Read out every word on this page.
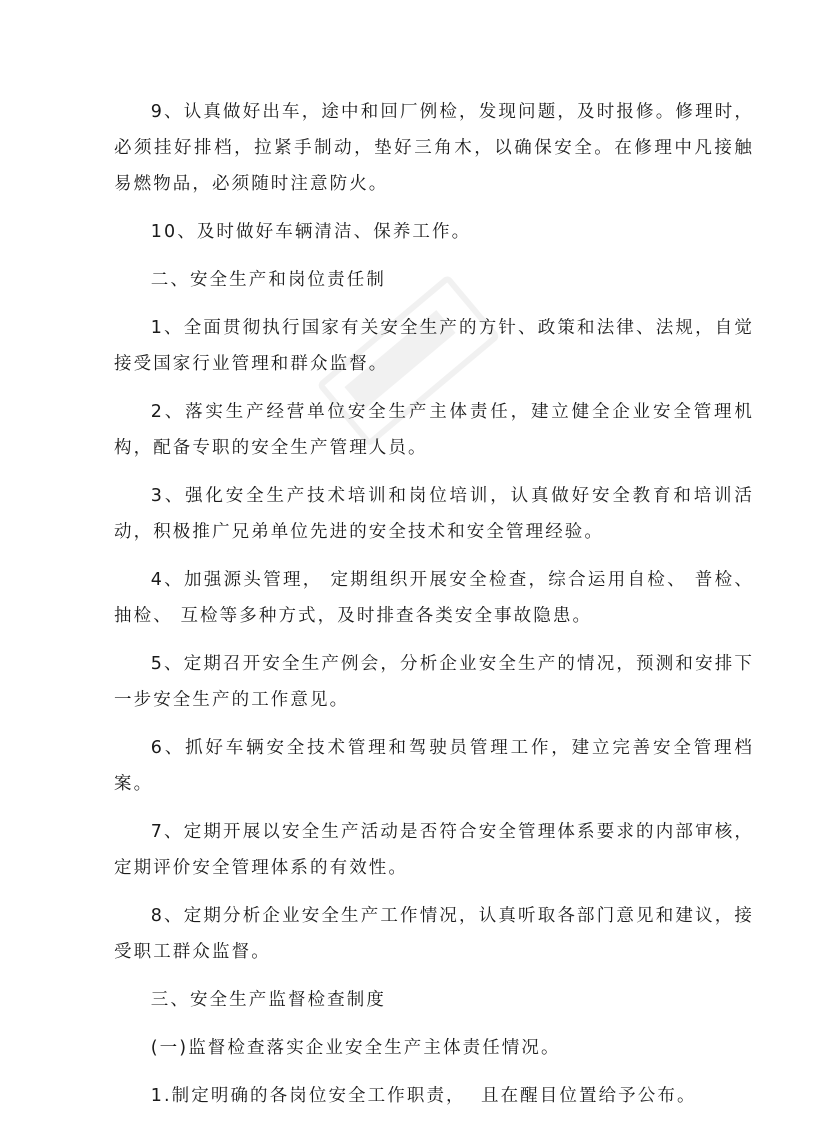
9、认真做好出车，途中和回厂例检，发现问题，及时报修。修理时，必须挂好排档，拉紧手制动，垫好三角木，以确保安全。在修理中凡接触易燃物品，必须随时注意防火。

10、及时做好车辆清洁、保养工作。

二、安全生产和岗位责任制

1、全面贯彻执行国家有关安全生产的方针、政策和法律、法规，自觉接受国家行业管理和群众监督。

2、落实生产经营单位安全生产主体责任，建立健全企业安全管理机构，配备专职的安全生产管理人员。

3、强化安全生产技术培训和岗位培训，认真做好安全教育和培训活动，积极推广兄弟单位先进的安全技术和安全管理经验。

4、加强源头管理， 定期组织开展安全检查，综合运用自检、 普检、 抽检、 互检等多种方式，及时排查各类安全事故隐患。

5、定期召开安全生产例会，分析企业安全生产的情况，预测和安排下一步安全生产的工作意见。

6、抓好车辆安全技术管理和驾驶员管理工作，建立完善安全管理档案。

7、定期开展以安全生产活动是否符合安全管理体系要求的内部审核，定期评价安全管理体系的有效性。

8、定期分析企业安全生产工作情况，认真听取各部门意见和建议，接受职工群众监督。

三、安全生产监督检查制度

(一)监督检查落实企业安全生产主体责任情况。

1.制定明确的各岗位安全工作职责，  且在醒目位置给予公布。
